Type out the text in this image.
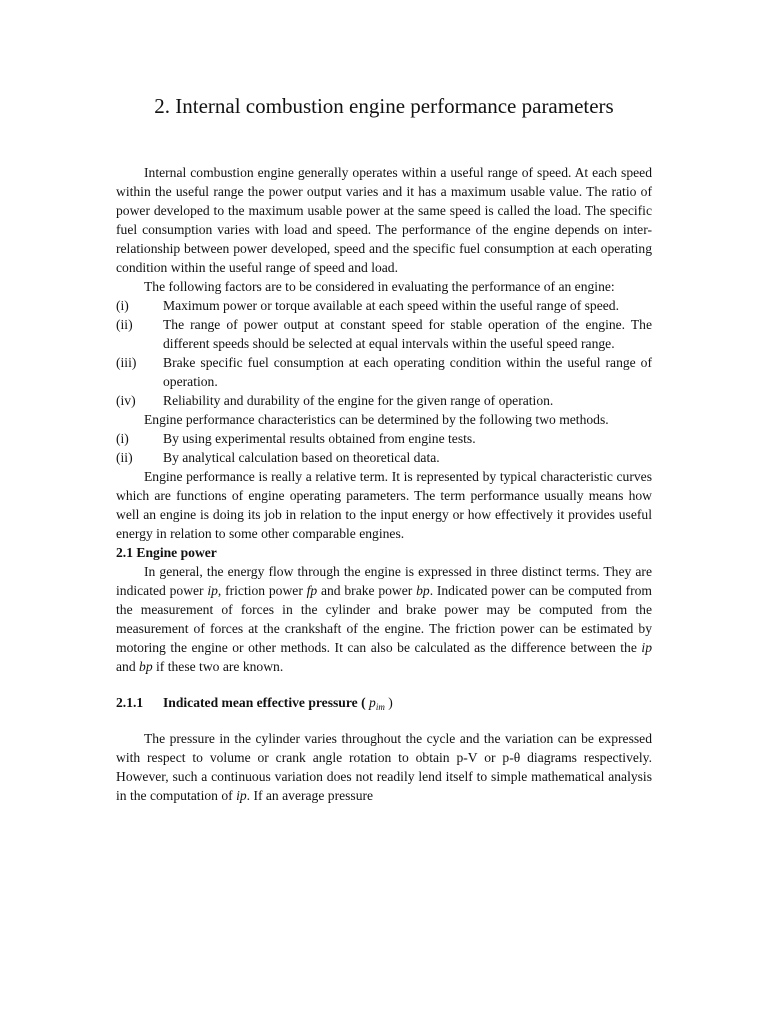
2. Internal combustion engine performance parameters

Internal combustion engine generally operates within a useful range of speed. At each speed within the useful range the power output varies and it has a maximum usable value. The ratio of power developed to the maximum usable power at the same speed is called the load. The specific fuel consumption varies with load and speed. The performance of the engine depends on inter-relationship between power developed, speed and the specific fuel consumption at each operating condition within the useful range of speed and load.

The following factors are to be considered in evaluating the performance of an engine:

(i)	Maximum power or torque available at each speed within the useful range of speed.
(ii)	The range of power output at constant speed for stable operation of the engine. The different speeds should be selected at equal intervals within the useful speed range.
(iii)	Brake specific fuel consumption at each operating condition within the useful range of operation.
(iv)	Reliability and durability of the engine for the given range of operation.

Engine performance characteristics can be determined by the following two methods.

(i)	By using experimental results obtained from engine tests.
(ii)	By analytical calculation based on theoretical data.

Engine performance is really a relative term. It is represented by typical characteristic curves which are functions of engine operating parameters. The term performance usually means how well an engine is doing its job in relation to the input energy or how effectively it provides useful energy in relation to some other comparable engines.

2.1 Engine power

In general, the energy flow through the engine is expressed in three distinct terms. They are indicated power ip, friction power fp and brake power bp. Indicated power can be computed from the measurement of forces in the cylinder and brake power may be computed from the measurement of forces at the crankshaft of the engine. The friction power can be estimated by motoring the engine or other methods. It can also be calculated as the difference between the ip and bp if these two are known.

2.1.1	Indicated mean effective pressure ( $p_{im}$ )

The pressure in the cylinder varies throughout the cycle and the variation can be expressed with respect to volume or crank angle rotation to obtain p-V or p-θ diagrams respectively. However, such a continuous variation does not readily lend itself to simple mathematical analysis in the computation of ip. If an average pressure
